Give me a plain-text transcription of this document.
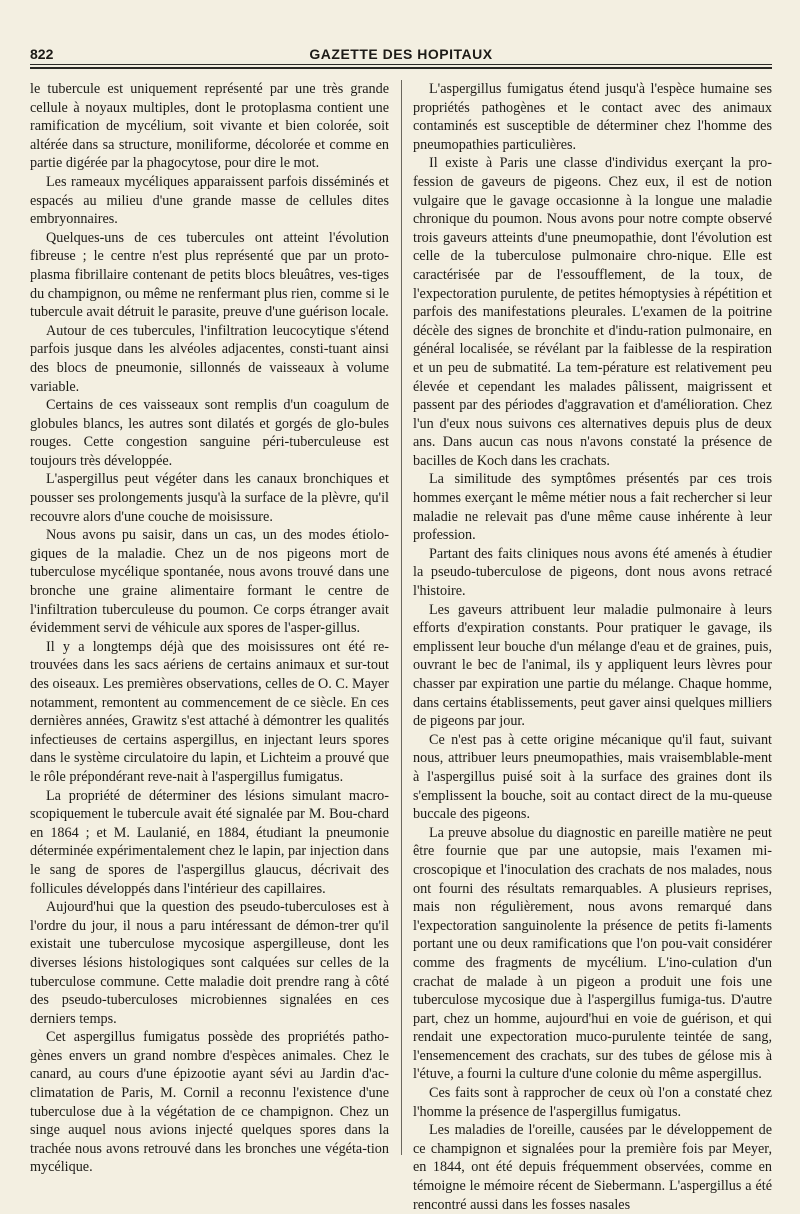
822	GAZETTE DES HOPITAUX

le tubercule est uniquement représenté par une très grande cellule à noyaux multiples, dont le protoplasma contient une ramification de mycélium, soit vivante et bien colorée, soit altérée dans sa structure, moniliforme, décolorée et comme en partie digérée par la phagocytose, pour dire le mot.

Les rameaux mycéliques apparaissent parfois disséminés et espacés au milieu d'une grande masse de cellules dites embryonnaires.

Quelques-uns de ces tubercules ont atteint l'évolution fibreuse ; le centre n'est plus représenté que par un proto-plasma fibrillaire contenant de petits blocs bleuâtres, ves-tiges du champignon, ou même ne renfermant plus rien, comme si le tubercule avait détruit le parasite, preuve d'une guérison locale.

Autour de ces tubercules, l'infiltration leucocytique s'étend parfois jusque dans les alvéoles adjacentes, consti-tuant ainsi des blocs de pneumonie, sillonnés de vaisseaux à volume variable.

Certains de ces vaisseaux sont remplis d'un coagulum de globules blancs, les autres sont dilatés et gorgés de glo-bules rouges. Cette congestion sanguine péri-tuberculeuse est toujours très développée.

L'aspergillus peut végéter dans les canaux bronchiques et pousser ses prolongements jusqu'à la surface de la plèvre, qu'il recouvre alors d'une couche de moisissure.

Nous avons pu saisir, dans un cas, un des modes étiolo-giques de la maladie. Chez un de nos pigeons mort de tuberculose mycélique spontanée, nous avons trouvé dans une bronche une graine alimentaire formant le centre de l'infiltration tuberculeuse du poumon. Ce corps étranger avait évidemment servi de véhicule aux spores de l'asper-gillus.

Il y a longtemps déjà que des moisissures ont été re-trouvées dans les sacs aériens de certains animaux et sur-tout des oiseaux. Les premières observations, celles de O. C. Mayer notamment, remontent au commencement de ce siècle. En ces dernières années, Grawitz s'est attaché à démontrer les qualités infectieuses de certains aspergillus, en injectant leurs spores dans le système circulatoire du lapin, et Lichteim a prouvé que le rôle prépondérant reve-nait à l'aspergillus fumigatus.

La propriété de déterminer des lésions simulant macro-scopiquement le tubercule avait été signalée par M. Bou-chard en 1864 ; et M. Laulanié, en 1884, étudiant la pneumonie déterminée expérimentalement chez le lapin, par injection dans le sang de spores de l'aspergillus glaucus, décrivait des follicules développés dans l'intérieur des capillaires.

Aujourd'hui que la question des pseudo-tuberculoses est à l'ordre du jour, il nous a paru intéressant de démon-trer qu'il existait une tuberculose mycosique aspergilleuse, dont les diverses lésions histologiques sont calquées sur celles de la tuberculose commune. Cette maladie doit prendre rang à côté des pseudo-tuberculoses microbiennes signalées en ces derniers temps.

Cet aspergillus fumigatus possède des propriétés patho-gènes envers un grand nombre d'espèces animales. Chez le canard, au cours d'une épizootie ayant sévi au Jardin d'ac-climatation de Paris, M. Cornil a reconnu l'existence d'une tuberculose due à la végétation de ce champignon. Chez un singe auquel nous avions injecté quelques spores dans la trachée nous avons retrouvé dans les bronches une végéta-tion mycélique.

L'aspergillus fumigatus étend jusqu'à l'espèce humaine ses propriétés pathogènes et le contact avec des animaux contaminés est susceptible de déterminer chez l'homme des pneumopathies particulières.

Il existe à Paris une classe d'individus exerçant la pro-fession de gaveurs de pigeons. Chez eux, il est de notion vulgaire que le gavage occasionne à la longue une maladie chronique du poumon. Nous avons pour notre compte observé trois gaveurs atteints d'une pneumopathie, dont l'évolution est celle de la tuberculose pulmonaire chro-nique. Elle est caractérisée par de l'essoufflement, de la toux, de l'expectoration purulente, de petites hémoptysies à répétition et parfois des manifestations pleurales. L'examen de la poitrine décèle des signes de bronchite et d'indu-ration pulmonaire, en général localisée, se révélant par la faiblesse de la respiration et un peu de submatité. La tem-pérature est relativement peu élevée et cependant les malades pâlissent, maigrissent et passent par des périodes d'aggravation et d'amélioration. Chez l'un d'eux nous suivons ces alternatives depuis plus de deux ans. Dans aucun cas nous n'avons constaté la présence de bacilles de Koch dans les crachats.

La similitude des symptômes présentés par ces trois hommes exerçant le même métier nous a fait rechercher si leur maladie ne relevait pas d'une même cause inhérente à leur profession.

Partant des faits cliniques nous avons été amenés à étudier la pseudo-tuberculose de pigeons, dont nous avons retracé l'histoire.

Les gaveurs attribuent leur maladie pulmonaire à leurs efforts d'expiration constants. Pour pratiquer le gavage, ils emplissent leur bouche d'un mélange d'eau et de graines, puis, ouvrant le bec de l'animal, ils y appliquent leurs lèvres pour chasser par expiration une partie du mélange. Chaque homme, dans certains établissements, peut gaver ainsi quelques milliers de pigeons par jour.

Ce n'est pas à cette origine mécanique qu'il faut, suivant nous, attribuer leurs pneumopathies, mais vraisemblable-ment à l'aspergillus puisé soit à la surface des graines dont ils s'emplissent la bouche, soit au contact direct de la mu-queuse buccale des pigeons.

La preuve absolue du diagnostic en pareille matière ne peut être fournie que par une autopsie, mais l'examen mi-croscopique et l'inoculation des crachats de nos malades, nous ont fourni des résultats remarquables. A plusieurs reprises, mais non régulièrement, nous avons remarqué dans l'expectoration sanguinolente la présence de petits fi-laments portant une ou deux ramifications que l'on pou-vait considérer comme des fragments de mycélium. L'ino-culation d'un crachat de malade à un pigeon a produit une fois une tuberculose mycosique due à l'aspergillus fumiga-tus. D'autre part, chez un homme, aujourd'hui en voie de guérison, et qui rendait une expectoration muco-purulente teintée de sang, l'ensemencement des crachats, sur des tubes de gélose mis à l'étuve, a fourni la culture d'une colonie du même aspergillus.

Ces faits sont à rapprocher de ceux où l'on a constaté chez l'homme la présence de l'aspergillus fumigatus.

Les maladies de l'oreille, causées par le développement de ce champignon et signalées pour la première fois par Meyer, en 1844, ont été depuis fréquemment observées, comme en témoigne le mémoire récent de Siebermann. L'aspergillus a été rencontré aussi dans les fosses nasales
